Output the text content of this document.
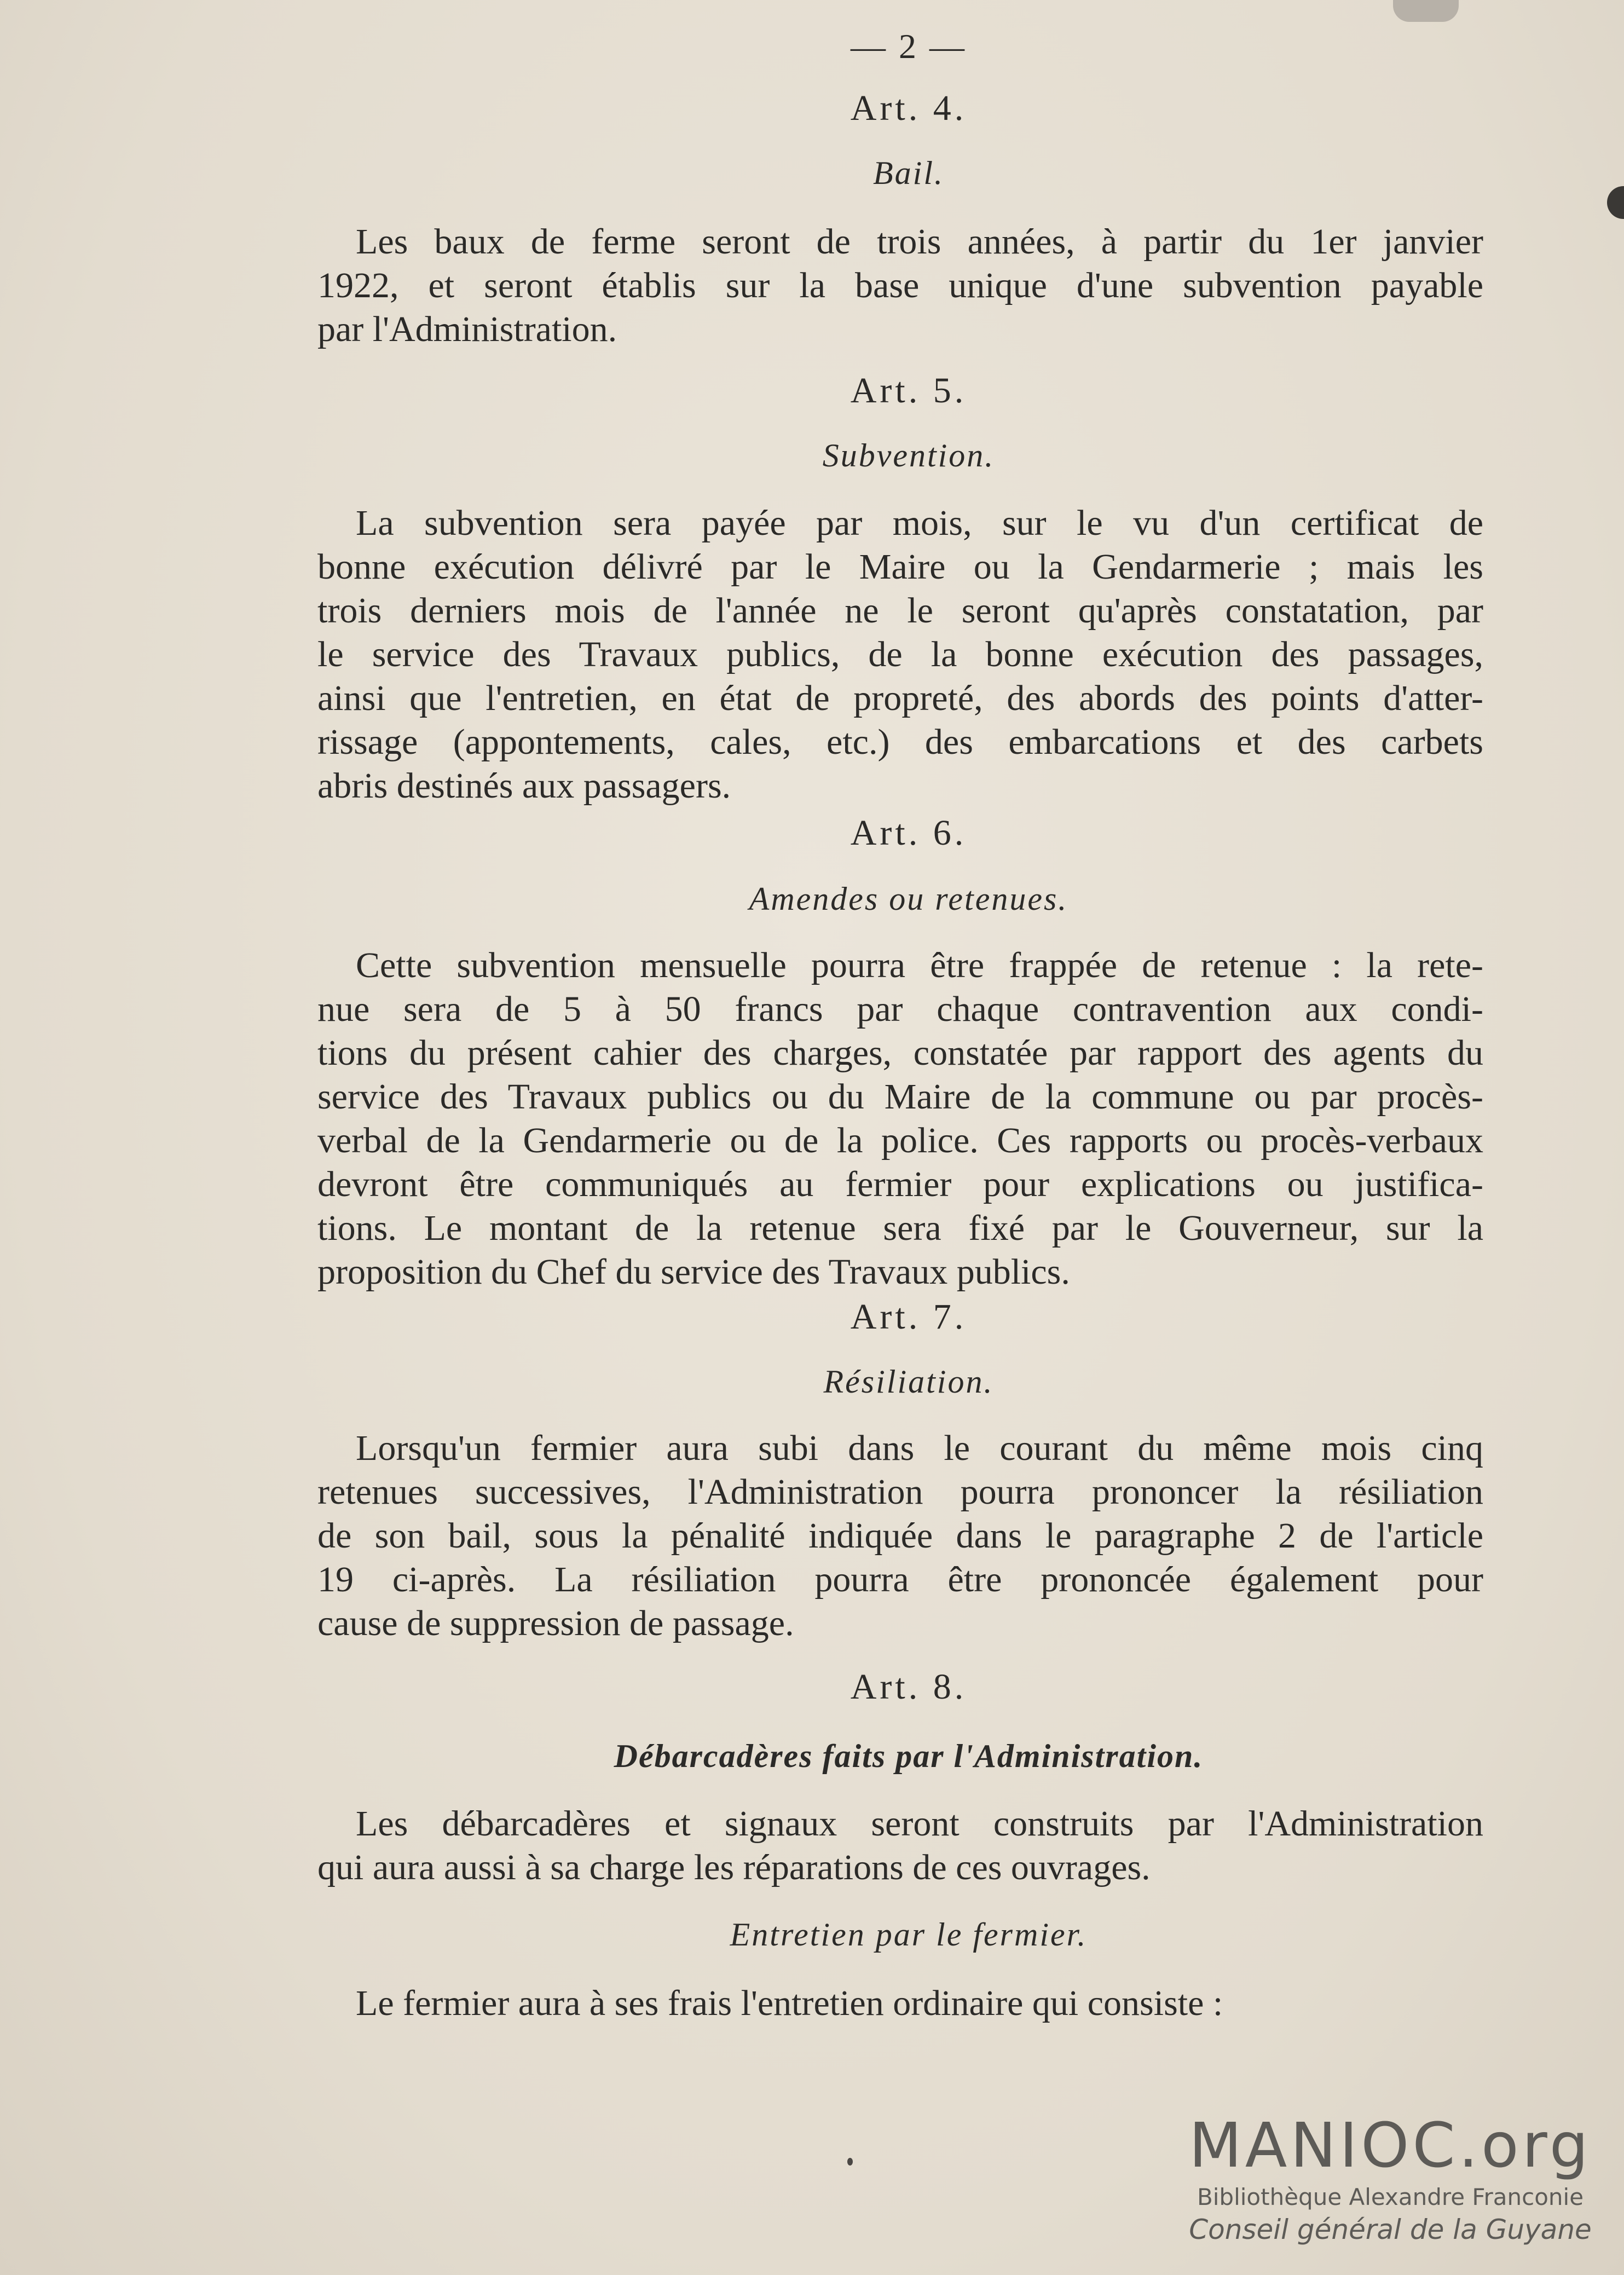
— 2 —
Art. 4.
Bail.
Les baux de ferme seront de trois années, à partir du 1er janvier
1922, et seront établis sur la base unique d'une subvention payable
par l'Administration.
Art. 5.
Subvention.
La subvention sera payée par mois, sur le vu d'un certificat de
bonne exécution délivré par le Maire ou la Gendarmerie ; mais les
trois derniers mois de l'année ne le seront qu'après constatation, par
le service des Travaux publics, de la bonne exécution des passages,
ainsi que l'entretien, en état de propreté, des abords des points d'atter-
rissage (appontements, cales, etc.) des embarcations et des carbets
abris destinés aux passagers.
Art. 6.
Amendes ou retenues.
Cette subvention mensuelle pourra être frappée de retenue : la rete-
nue sera de 5 à 50 francs par chaque contravention aux condi-
tions du présent cahier des charges, constatée par rapport des agents du
service des Travaux publics ou du Maire de la commune ou par procès-
verbal de la Gendarmerie ou de la police. Ces rapports ou procès-verbaux
devront être communiqués au fermier pour explications ou justifica-
tions. Le montant de la retenue sera fixé par le Gouverneur, sur la
proposition du Chef du service des Travaux publics.
Art. 7.
Résiliation.
Lorsqu'un fermier aura subi dans le courant du même mois cinq
retenues successives, l'Administration pourra prononcer la résiliation
de son bail, sous la pénalité indiquée dans le paragraphe 2 de l'article
19 ci-après. La résiliation pourra être prononcée également pour
cause de suppression de passage.
Art. 8.
Débarcadères faits par l'Administration.
Les débarcadères et signaux seront construits par l'Administration
qui aura aussi à sa charge les réparations de ces ouvrages.
Entretien par le fermier.
Le fermier aura à ses frais l'entretien ordinaire qui consiste :
MANIOC.org
Bibliothèque Alexandre Franconie
Conseil général de la Guyane
